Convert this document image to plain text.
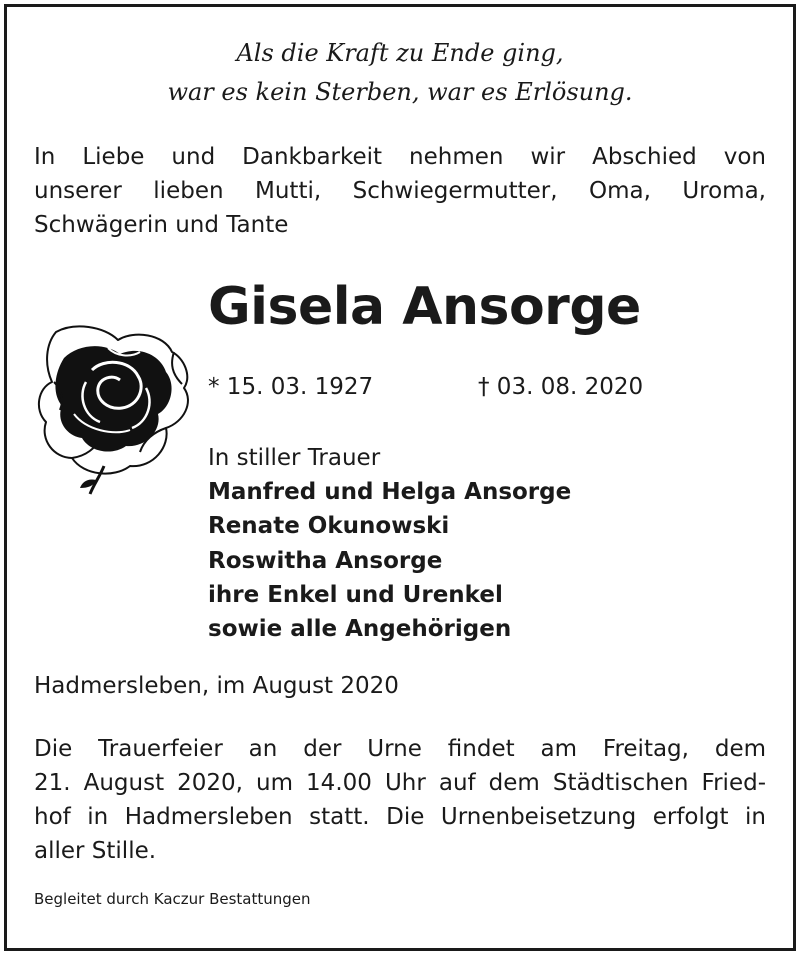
Als die Kraft zu Ende ging,
war es kein Sterben, war es Erlösung.
In Liebe und Dankbarkeit nehmen wir Abschied von
unserer lieben Mutti, Schwiegermutter, Oma, Uroma,
Schwägerin und Tante
Gisela Ansorge
* 15. 03. 1927	† 03. 08. 2020
In stiller Trauer
Manfred und Helga Ansorge
Renate Okunowski
Roswitha Ansorge
ihre Enkel und Urenkel
sowie alle Angehörigen
Hadmersleben, im August 2020
Die Trauerfeier an der Urne findet am Freitag, dem
21. August 2020, um 14.00 Uhr auf dem Städtischen Fried-
hof in Hadmersleben statt. Die Urnenbeisetzung erfolgt in
aller Stille.
Begleitet durch Kaczur Bestattungen
